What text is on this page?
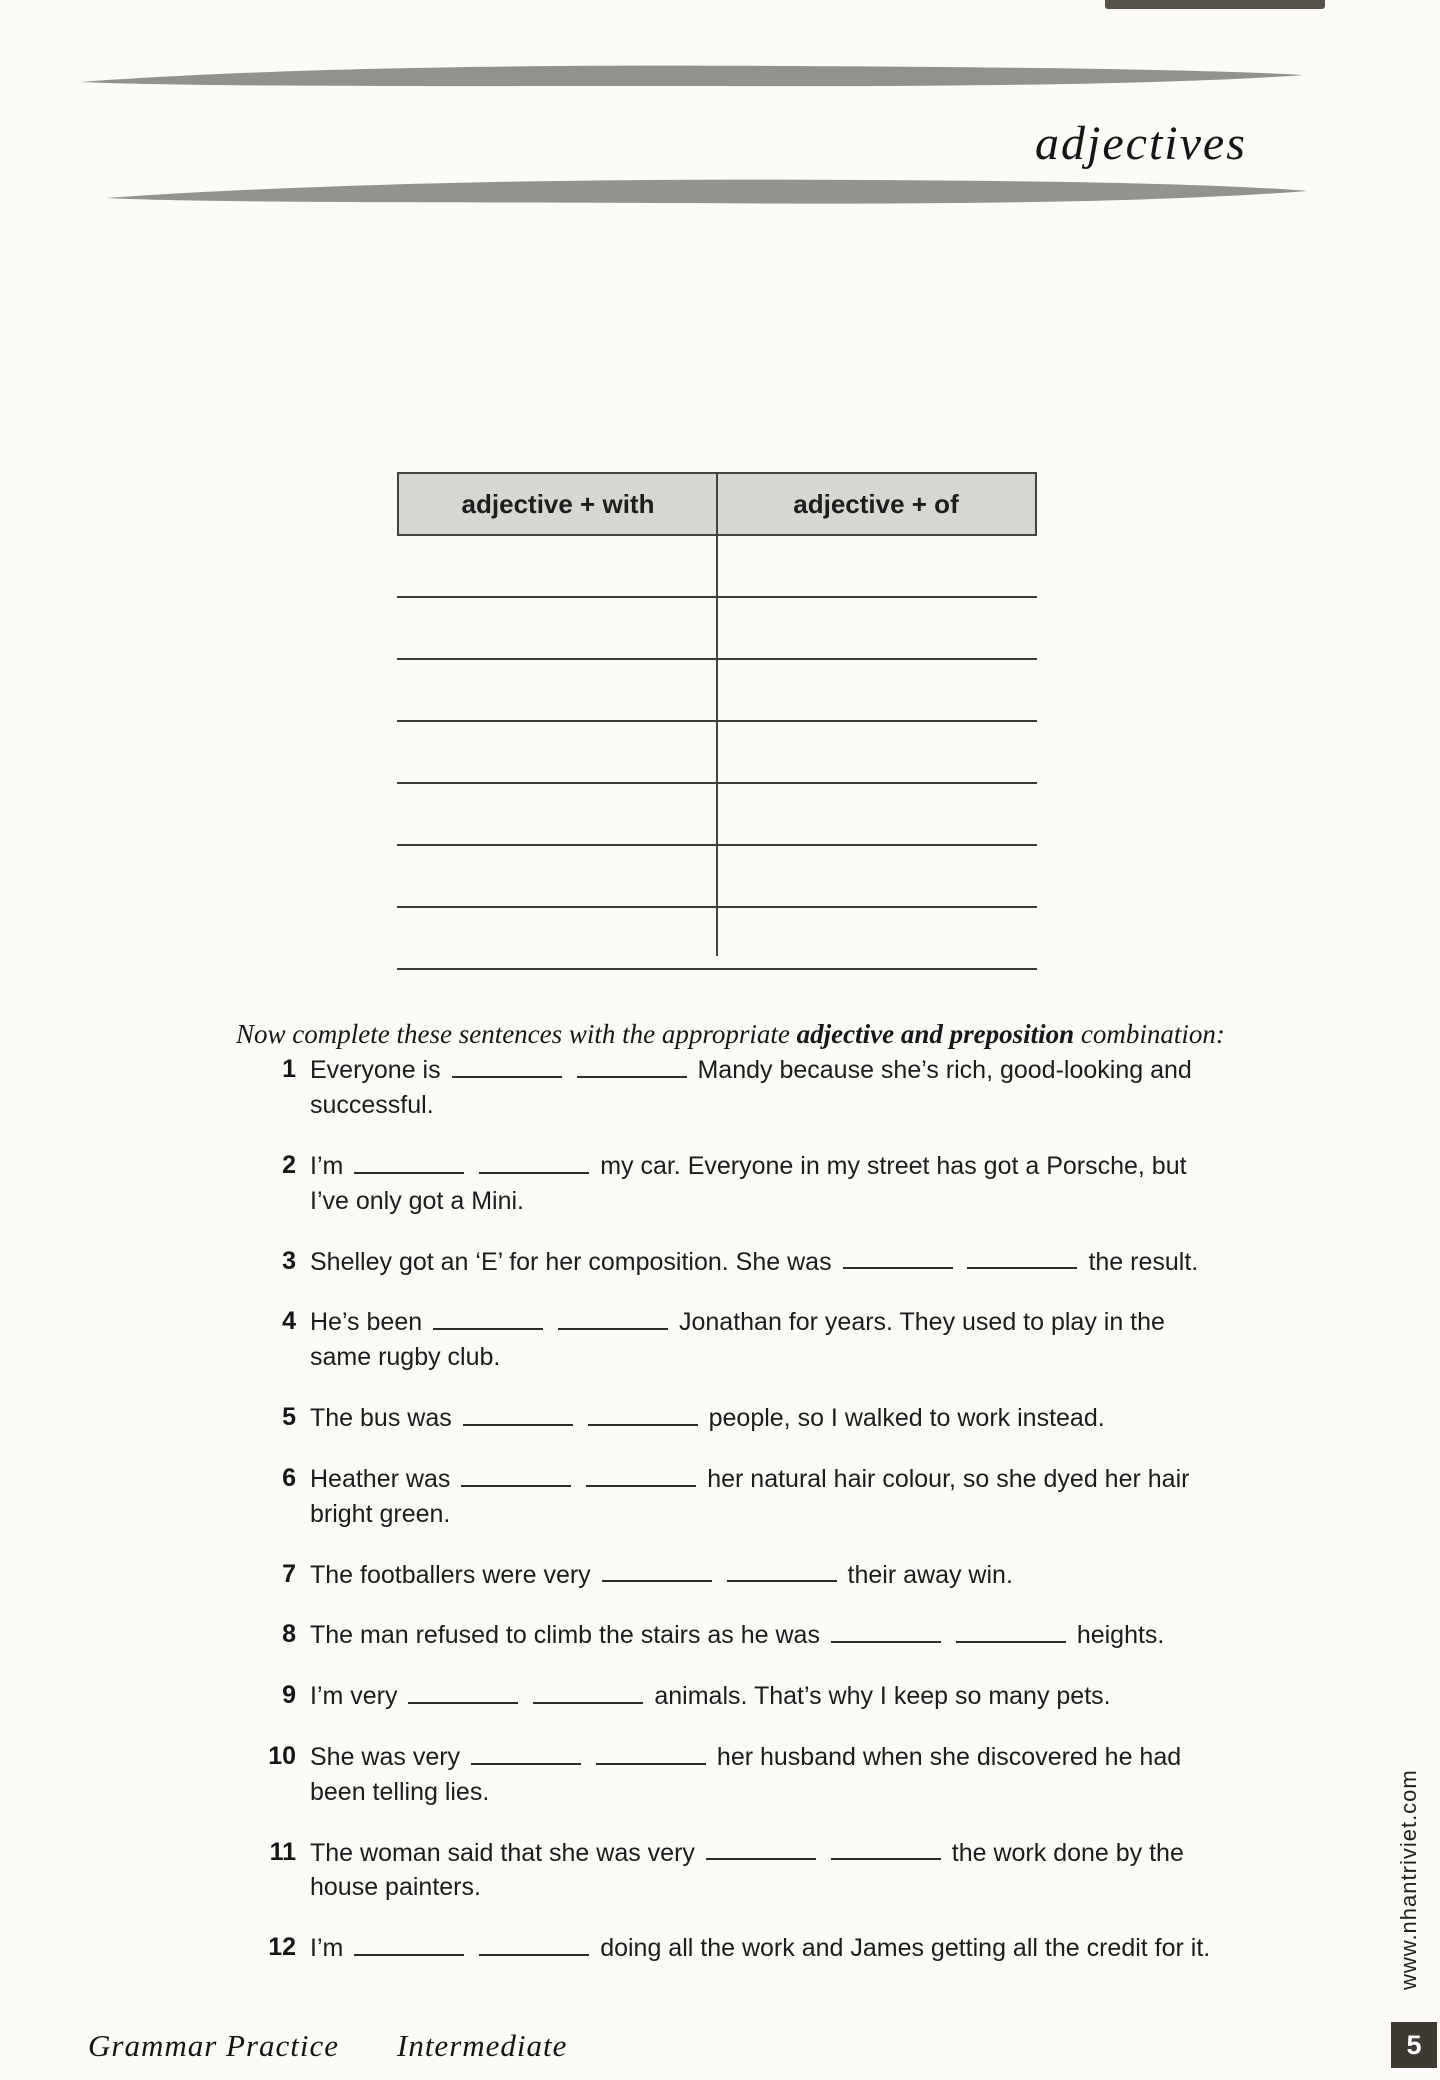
adjectives
adjective + with	adjective + of

Now complete these sentences with the appropriate adjective and preposition combination:

1 Everyone is	Mandy because she’s rich, good-looking and successful.
2 I’m	my car. Everyone in my street has got a Porsche, but I’ve only got a Mini.
3 Shelley got an ‘E’ for her composition. She was	the result.
4 He’s been	Jonathan for years. They used to play in the same rugby club.
5 The bus was	people, so I walked to work instead.
6 Heather was	her natural hair colour, so she dyed her hair bright green.
7 The footballers were very	their away win.
8 The man refused to climb the stairs as he was	heights.
9 I’m very	animals. That’s why I keep so many pets.
10 She was very	her husband when she discovered he had been telling lies.
11 The woman said that she was very	the work done by the house painters.
12 I’m	doing all the work and James getting all the credit for it.
Grammar Practice Intermediate	5
www.nhantriviet.com
